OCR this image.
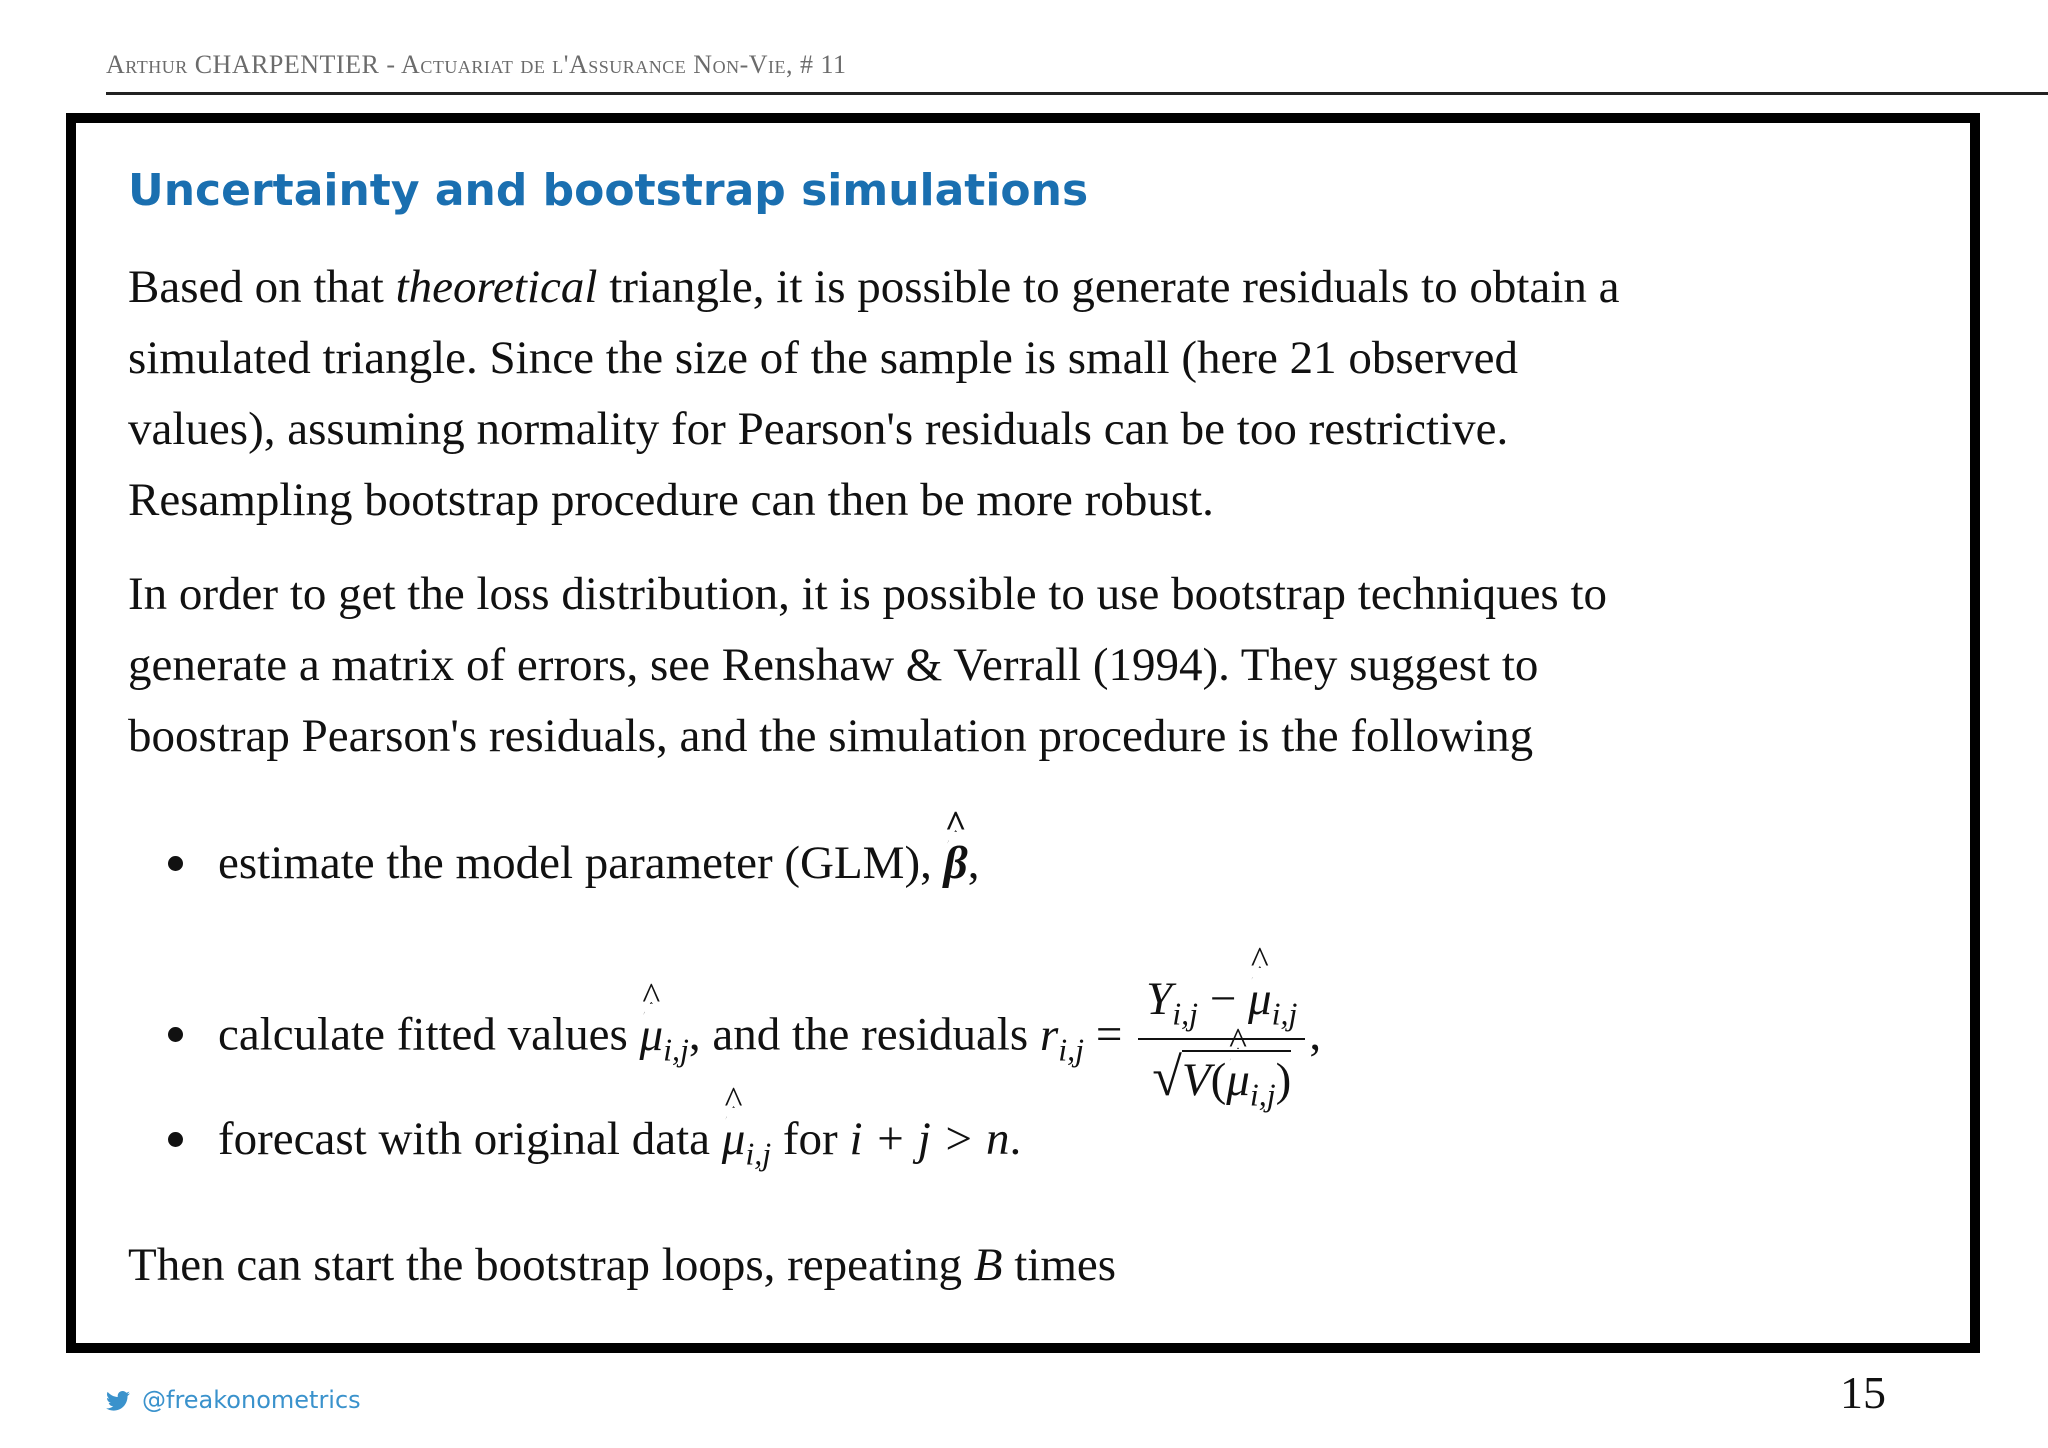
Arthur CHARPENTIER - Actuariat de l'Assurance Non-Vie, # 11
Uncertainty and bootstrap simulations
Based on that theoretical triangle, it is possible to generate residuals to obtain a
simulated triangle. Since the size of the sample is small (here 21 observed
values), assuming normality for Pearson's residuals can be too restrictive.
Resampling bootstrap procedure can then be more robust.
In order to get the loss distribution, it is possible to use bootstrap techniques to
generate a matrix of errors, see Renshaw & Verrall (1994). They suggest to
boostrap Pearson's residuals, and the simulation procedure is the following
estimate the model parameter (GLM),
^
β,
calculate fitted values
^
$\mu_{i,j}$, and the residuals $r_{i,j} = Y_{i,j}$ −
^
$\mu_{i,j}$
√V(
^
$\mu_{i,j}$) ,
forecast with original data
^
$\mu_{i,j}$ for i + j > n.
Then can start the bootstrap loops, repeating B times
@freakonometrics	15
